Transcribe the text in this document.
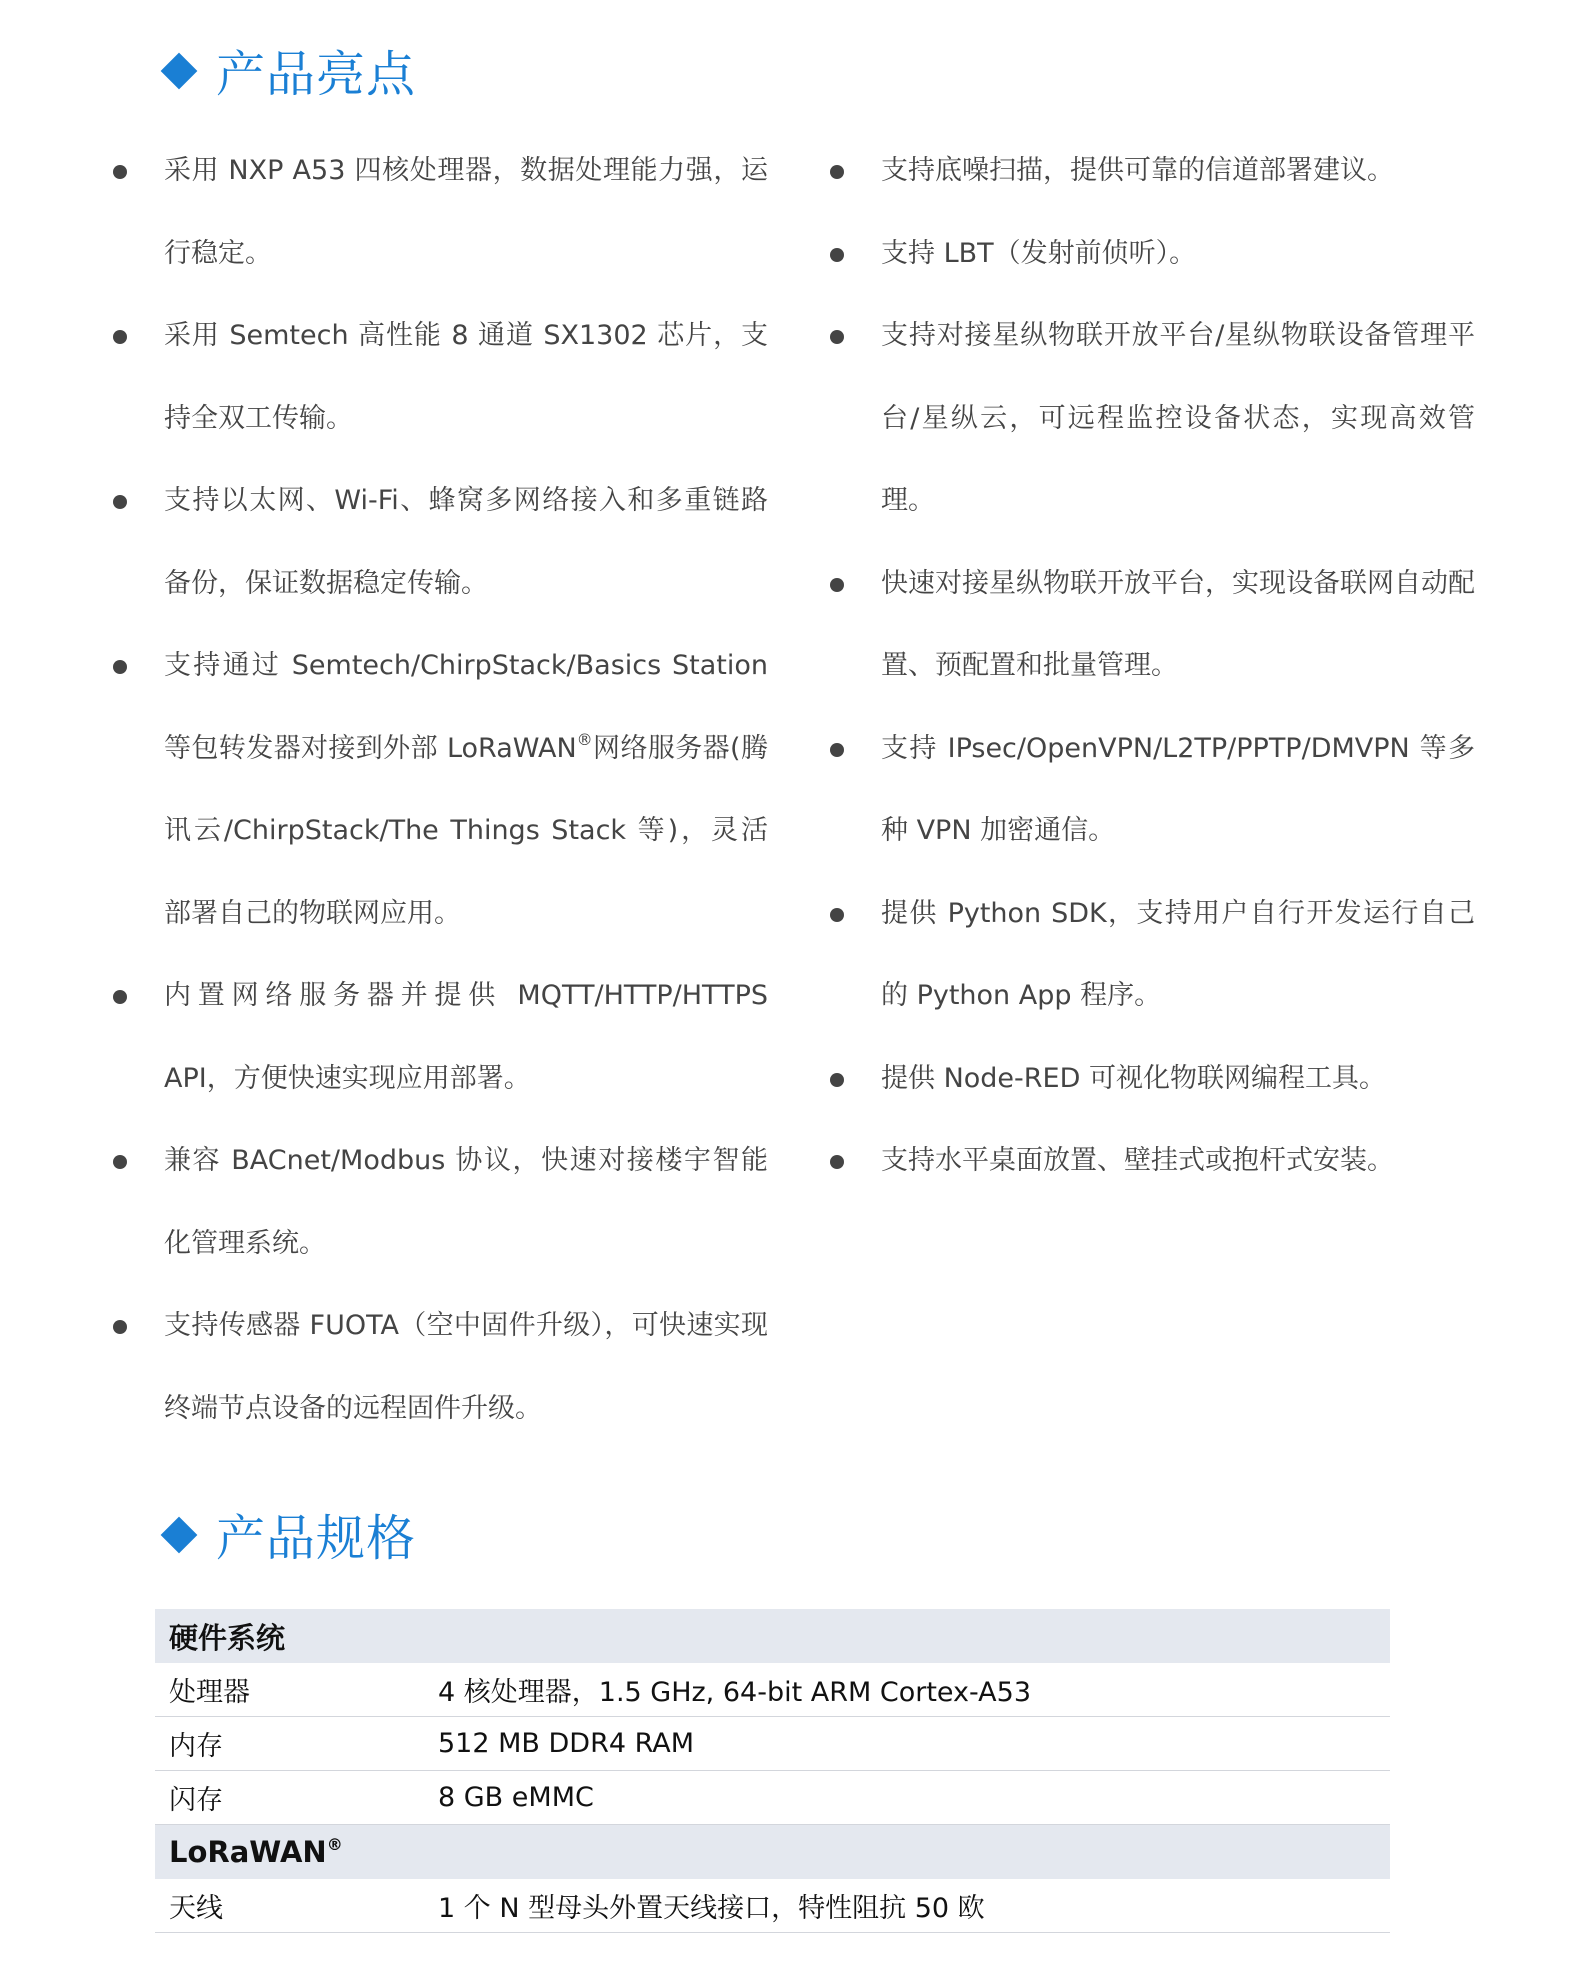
产品亮点

采用 NXP A53 四核处理器，数据处理能力强，运行稳定。

采用 Semtech 高性能 8 通道 SX1302 芯片，支持全双工传输。

支持以太网、Wi-Fi、蜂窝多网络接入和多重链路备份，保证数据稳定传输。

支持通过 Semtech/ChirpStack/Basics Station 等包转发器对接到外部 LoRaWAN®网络服务器(腾讯云/ChirpStack/The Things Stack 等)，灵活部署自己的物联网应用。

内置网络服务器并提供 MQTT/HTTP/HTTPS API，方便快速实现应用部署。

兼容 BACnet/Modbus 协议，快速对接楼宇智能化管理系统。

支持传感器 FUOTA（空中固件升级），可快速实现终端节点设备的远程固件升级。

支持底噪扫描，提供可靠的信道部署建议。

支持 LBT（发射前侦听）。

支持对接星纵物联开放平台/星纵物联设备管理平台/星纵云，可远程监控设备状态，实现高效管理。

快速对接星纵物联开放平台，实现设备联网自动配置、预配置和批量管理。

支持 IPsec/OpenVPN/L2TP/PPTP/DMVPN 等多种 VPN 加密通信。

提供 Python SDK，支持用户自行开发运行自己的 Python App 程序。

提供 Node-RED 可视化物联网编程工具。

支持水平桌面放置、壁挂式或抱杆式安装。

产品规格
硬件系统	
处理器	4 核处理器，1.5 GHz, 64-bit ARM Cortex-A53
内存	512 MB DDR4 RAM
闪存	8 GB eMMC
LoRaWAN®
天线	1 个 N 型母头外置天线接口，特性阻抗 50 欧
